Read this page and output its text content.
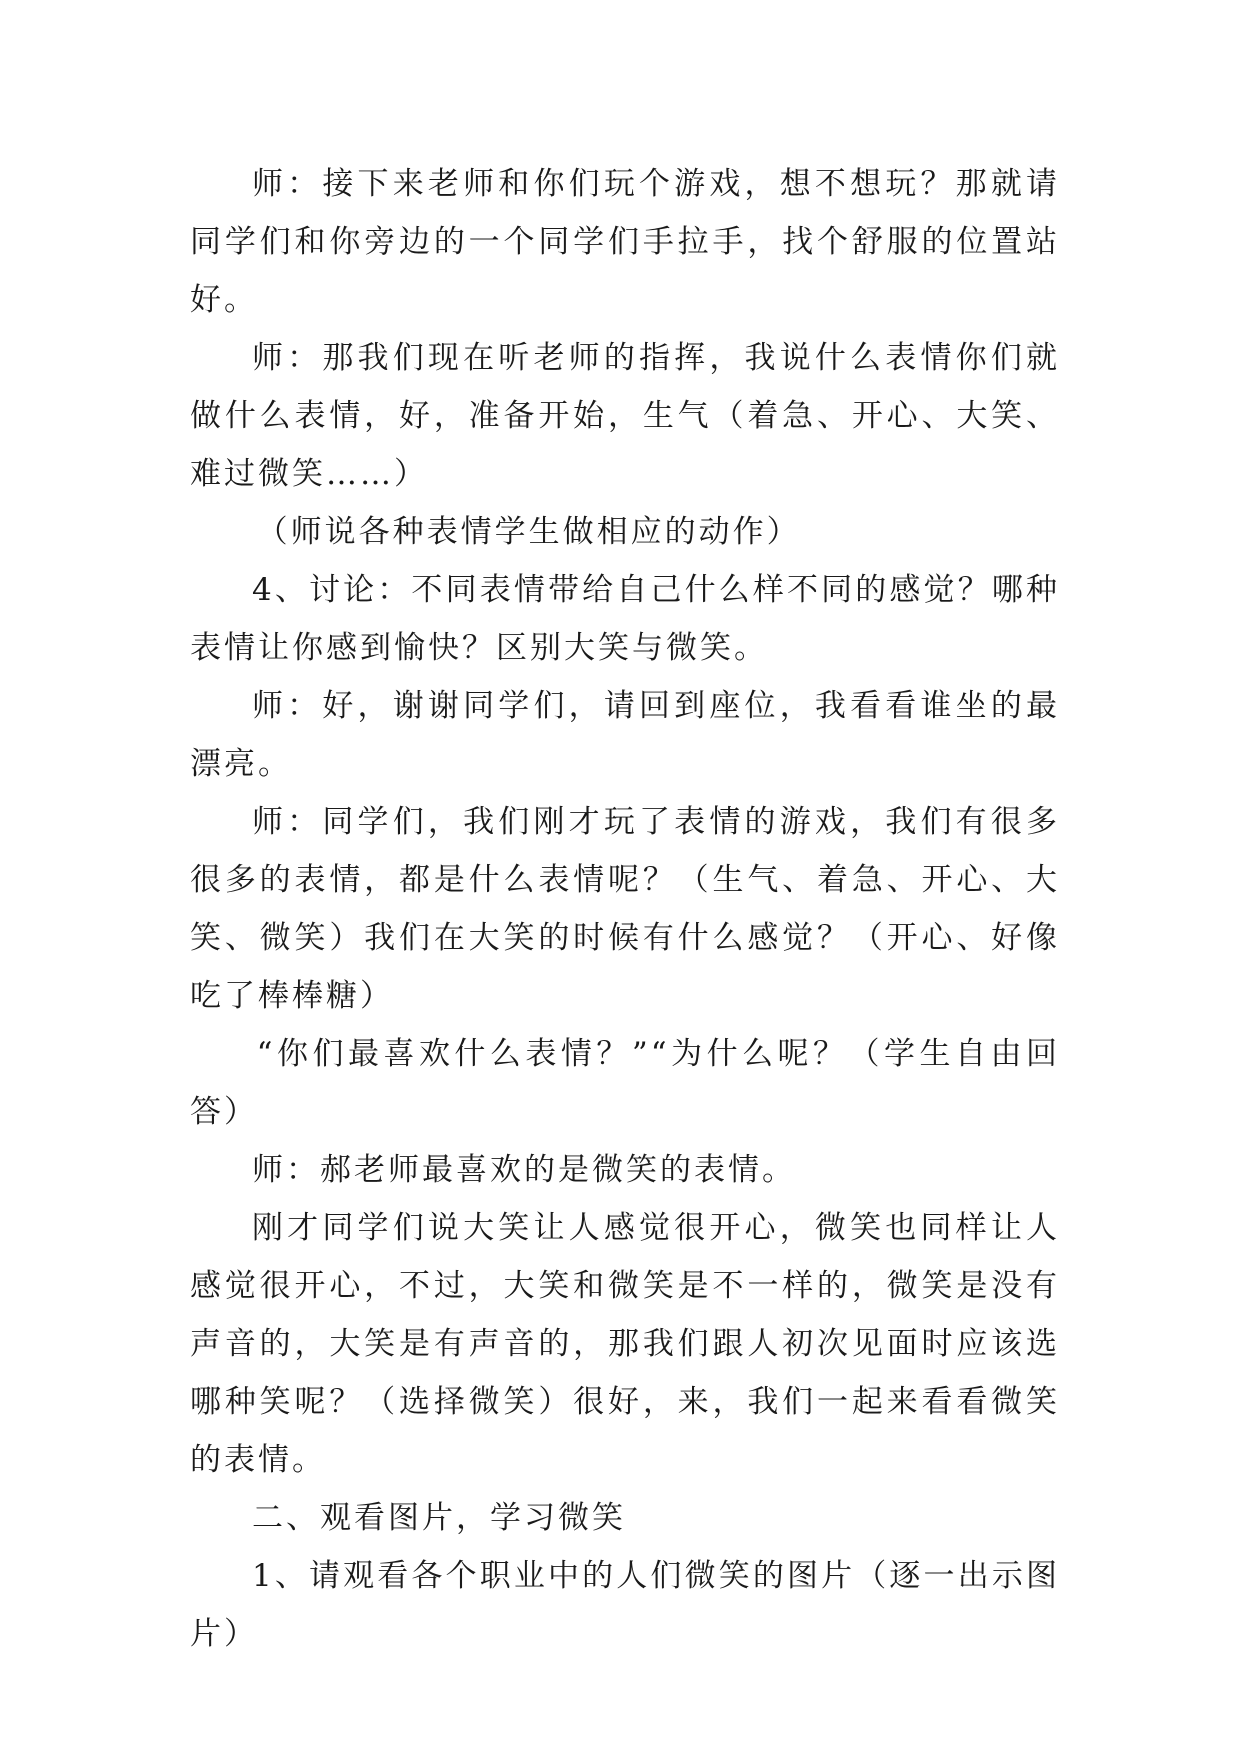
师：接下来老师和你们玩个游戏，想不想玩？那就请同学们和你旁边的一个同学们手拉手，找个舒服的位置站好。

师：那我们现在听老师的指挥，我说什么表情你们就做什么表情，好，准备开始，生气（着急、开心、大笑、难过微笑……）

（师说各种表情学生做相应的动作）

4、讨论：不同表情带给自己什么样不同的感觉？哪种表情让你感到愉快？区别大笑与微笑。

师：好，谢谢同学们，请回到座位，我看看谁坐的最漂亮。

师：同学们，我们刚才玩了表情的游戏，我们有很多很多的表情，都是什么表情呢？（生气、着急、开心、大笑、微笑）我们在大笑的时候有什么感觉？（开心、好像吃了棒棒糖）

“你们最喜欢什么表情？”“为什么呢？（学生自由回答）

师：郝老师最喜欢的是微笑的表情。

刚才同学们说大笑让人感觉很开心，微笑也同样让人感觉很开心，不过，大笑和微笑是不一样的，微笑是没有声音的，大笑是有声音的，那我们跟人初次见面时应该选哪种笑呢？（选择微笑）很好，来，我们一起来看看微笑的表情。

二、观看图片，学习微笑

1、请观看各个职业中的人们微笑的图片（逐一出示图片）
